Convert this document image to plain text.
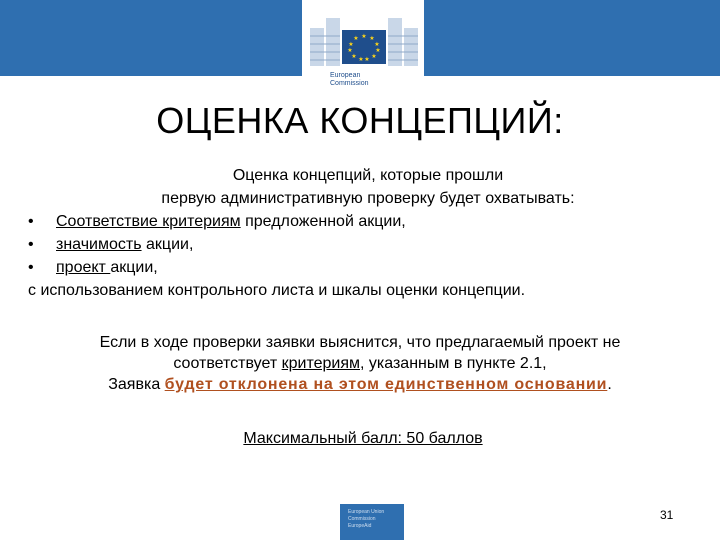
★ ★
★
★
★
★
★
★
★
★
★
European
Commission
ОЦЕНКА КОНЦЕПЦИЙ:
Оценка концепций, которые прошли
первую административную проверку будет охватывать:
• Соответствие критериям предложенной акции,
• значимость акции,
• проект акции,
с использованием контрольного листа и шкалы оценки концепции.
Если в ходе проверки заявки выяснится, что предлагаемый проект не
соответствует критериям, указанным в пункте 2.1,
Заявка будет отклонена на этом единственном основании.
Максимальный балл: 50 баллов
European Union
Commission
EuropeAid
31
